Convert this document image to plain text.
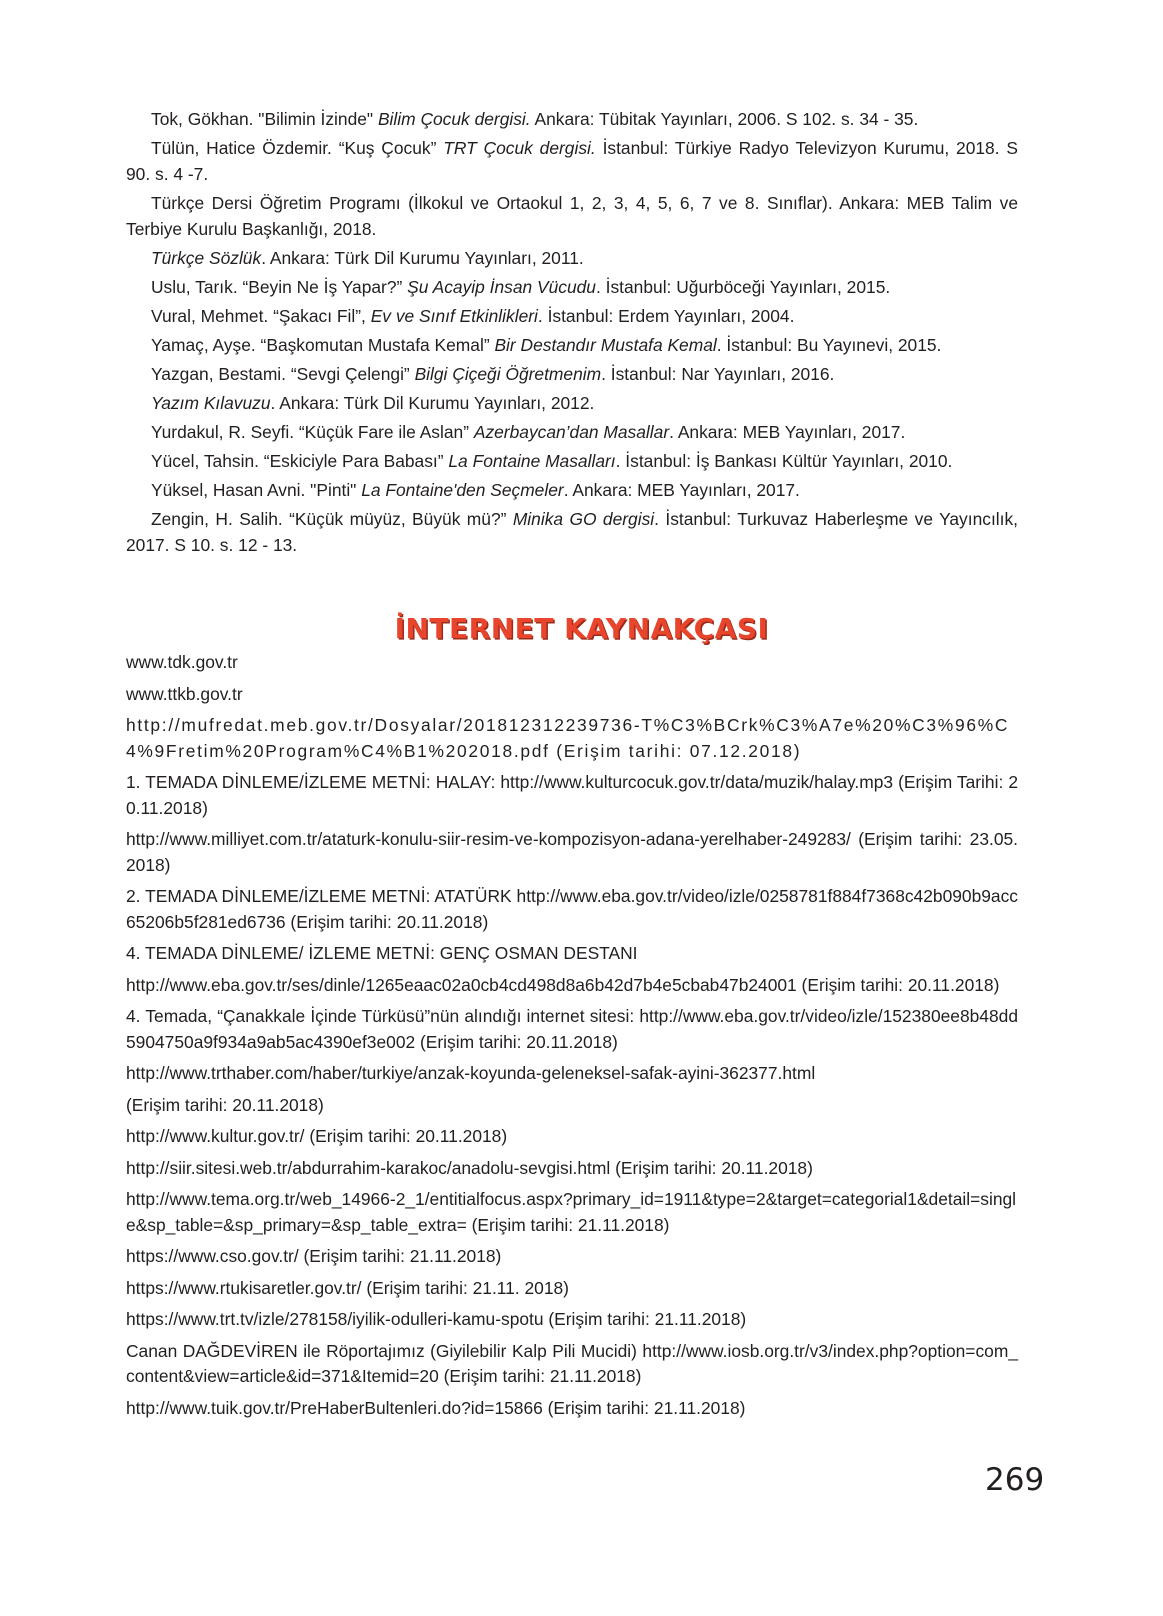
Tok, Gökhan. "Bilimin İzinde" Bilim Çocuk dergisi. Ankara: Tübitak Yayınları, 2006. S 102. s. 34 - 35.

Tülün, Hatice Özdemir. “Kuş Çocuk” TRT Çocuk dergisi. İstanbul: Türkiye Radyo Televizyon Kurumu, 2018. S 90. s. 4 -7.

Türkçe Dersi Öğretim Programı (İlkokul ve Ortaokul 1, 2, 3, 4, 5, 6, 7 ve 8. Sınıflar). Ankara: MEB Talim ve Terbiye Kurulu Başkanlığı, 2018.

Türkçe Sözlük. Ankara: Türk Dil Kurumu Yayınları, 2011.

Uslu, Tarık. “Beyin Ne İş Yapar?” Şu Acayip İnsan Vücudu. İstanbul: Uğurböceği Yayınları, 2015.

Vural, Mehmet. “Şakacı Fil”, Ev ve Sınıf Etkinlikleri. İstanbul: Erdem Yayınları, 2004.

Yamaç, Ayşe. “Başkomutan Mustafa Kemal” Bir Destandır Mustafa Kemal. İstanbul: Bu Yayınevi, 2015.

Yazgan, Bestami. “Sevgi Çelengi” Bilgi Çiçeği Öğretmenim. İstanbul: Nar Yayınları, 2016.

Yazım Kılavuzu. Ankara: Türk Dil Kurumu Yayınları, 2012.

Yurdakul, R. Seyfi. “Küçük Fare ile Aslan” Azerbaycan’dan Masallar. Ankara: MEB Yayınları, 2017.

Yücel, Tahsin. “Eskiciyle Para Babası” La Fontaine Masalları. İstanbul: İş Bankası Kültür Yayınları, 2010.

Yüksel, Hasan Avni. "Pinti" La Fontaine'den Seçmeler. Ankara: MEB Yayınları, 2017.

Zengin, H. Salih. “Küçük müyüz, Büyük mü?” Minika GO dergisi. İstanbul: Turkuvaz Haberleşme ve Yayıncılık, 2017. S 10. s. 12 - 13.

İNTERNET KAYNAKÇASI

www.tdk.gov.tr

www.ttkb.gov.tr

http://mufredat.meb.gov.tr/Dosyalar/201812312239736-T%C3%BCrk%C3%A7e%20%C3%96%C4%9Fretim%20Program%C4%B1%202018.pdf (Erişim tarihi: 07.12.2018)

1. TEMADA DİNLEME/İZLEME METNİ: HALAY: http://www.kulturcocuk.gov.tr/data/muzik/halay.mp3 (Erişim Tarihi: 20.11.2018)

http://www.milliyet.com.tr/ataturk-konulu-siir-resim-ve-kompozisyon-adana-yerelhaber-249283/ (Erişim tarihi: 23.05.2018)

2. TEMADA DİNLEME/İZLEME METNİ: ATATÜRK http://www.eba.gov.tr/video/izle/0258781f884f7368c42b090b9acc65206b5f281ed6736 (Erişim tarihi: 20.11.2018)

4. TEMADA DİNLEME/ İZLEME METNİ: GENÇ OSMAN DESTANI

http://www.eba.gov.tr/ses/dinle/1265eaac02a0cb4cd498d8a6b42d7b4e5cbab47b24001 (Erişim tarihi: 20.11.2018)

4. Temada, “Çanakkale İçinde Türküsü”nün alındığı internet sitesi: http://www.eba.gov.tr/video/izle/152380ee8b48dd5904750a9f934a9ab5ac4390ef3e002 (Erişim tarihi: 20.11.2018)

http://www.trthaber.com/haber/turkiye/anzak-koyunda-geleneksel-safak-ayini-362377.html

(Erişim tarihi: 20.11.2018)

http://www.kultur.gov.tr/ (Erişim tarihi: 20.11.2018)

http://siir.sitesi.web.tr/abdurrahim-karakoc/anadolu-sevgisi.html (Erişim tarihi: 20.11.2018)

http://www.tema.org.tr/web_14966-2_1/entitialfocus.aspx?primary_id=1911&type=2&target=categorial1&detail=single&sp_table=&sp_primary=&sp_table_extra= (Erişim tarihi: 21.11.2018)

https://www.cso.gov.tr/ (Erişim tarihi: 21.11.2018)

https://www.rtukisaretler.gov.tr/ (Erişim tarihi: 21.11. 2018)

https://www.trt.tv/izle/278158/iyilik-odulleri-kamu-spotu (Erişim tarihi: 21.11.2018)

Canan DAĞDEVİREN ile Röportajımız (Giyilebilir Kalp Pili Mucidi) http://www.iosb.org.tr/v3/index.php?option=com_content&view=article&id=371&Itemid=20 (Erişim tarihi: 21.11.2018)

http://www.tuik.gov.tr/PreHaberBultenleri.do?id=15866 (Erişim tarihi: 21.11.2018)

269
